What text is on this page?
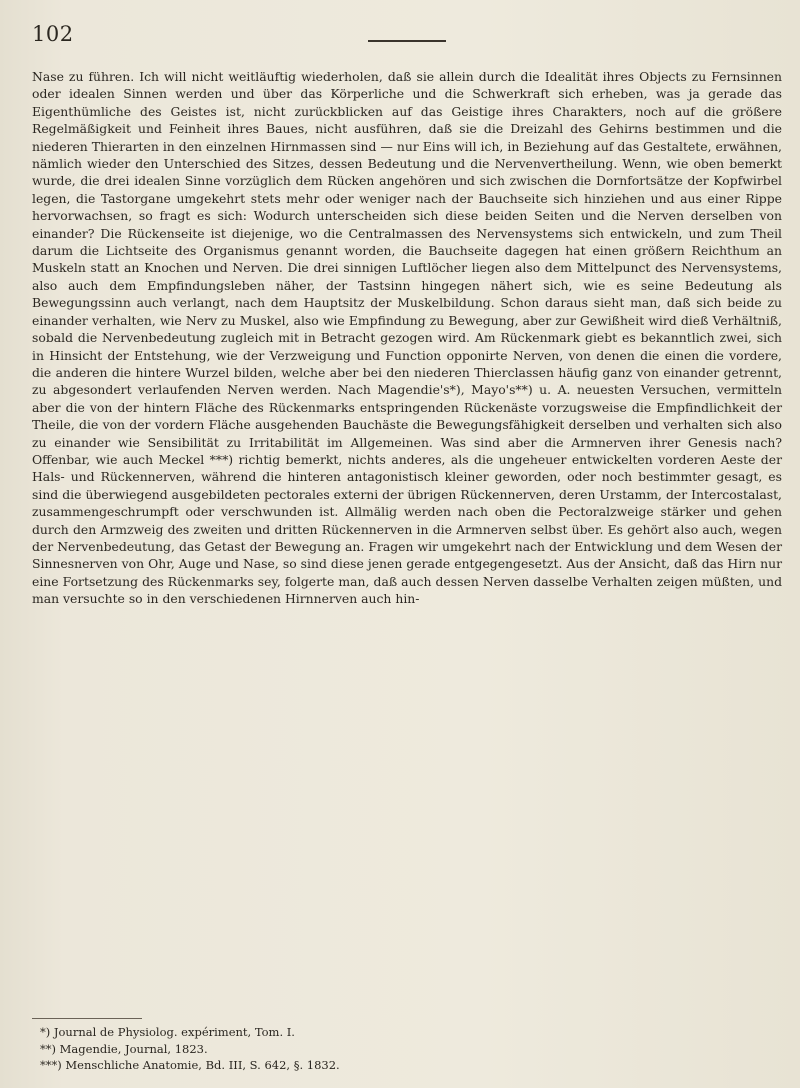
102

Nase zu führen. Ich will nicht weitläuftig wiederholen, daß sie allein durch die Idealität ihres Objects zu Fernsinnen oder idealen Sinnen werden und über das Körperliche und die Schwerkraft sich erheben, was ja gerade das Eigenthümliche des Geistes ist, nicht zurückblicken auf das Geistige ihres Charakters, noch auf die größere Regelmäßigkeit und Feinheit ihres Baues, nicht ausführen, daß sie die Dreizahl des Gehirns bestimmen und die niederen Thierarten in den einzelnen Hirnmassen sind — nur Eins will ich, in Beziehung auf das Gestaltete, erwähnen, nämlich wieder den Unterschied des Sitzes, dessen Bedeutung und die Nervenvertheilung. Wenn, wie oben bemerkt wurde, die drei idealen Sinne vorzüglich dem Rücken angehören und sich zwischen die Dornfortsätze der Kopfwirbel legen, die Tastorgane umgekehrt stets mehr oder weniger nach der Bauchseite sich hinziehen und aus einer Rippe hervorwachsen, so fragt es sich: Wodurch unterscheiden sich diese beiden Seiten und die Nerven derselben von einander? Die Rückenseite ist diejenige, wo die Centralmassen des Nervensystems sich entwickeln, und zum Theil darum die Lichtseite des Organismus genannt worden, die Bauchseite dagegen hat einen größern Reichthum an Muskeln statt an Knochen und Nerven. Die drei sinnigen Luftlöcher liegen also dem Mittelpunct des Nervensystems, also auch dem Empfindungsleben näher, der Tastsinn hingegen nähert sich, wie es seine Bedeutung als Bewegungssinn auch verlangt, nach dem Hauptsitz der Muskelbildung. Schon daraus sieht man, daß sich beide zu einander verhalten, wie Nerv zu Muskel, also wie Empfindung zu Bewegung, aber zur Gewißheit wird dieß Verhältniß, sobald die Nervenbedeutung zugleich mit in Betracht gezogen wird. Am Rückenmark giebt es bekanntlich zwei, sich in Hinsicht der Entstehung, wie der Verzweigung und Function opponirte Nerven, von denen die einen die vordere, die anderen die hintere Wurzel bilden, welche aber bei den niederen Thierclassen häufig ganz von einander getrennt, zu abgesondert verlaufenden Nerven werden. Nach Magendie's*), Mayo's**) u. A. neuesten Versuchen, vermitteln aber die von der hintern Fläche des Rückenmarks entspringenden Rückenäste vorzugsweise die Empfindlichkeit der Theile, die von der vordern Fläche ausgehenden Bauchäste die Bewegungsfähigkeit derselben und verhalten sich also zu einander wie Sensibilität zu Irritabilität im Allgemeinen. Was sind aber die Armnerven ihrer Genesis nach? Offenbar, wie auch Meckel ***) richtig bemerkt, nichts anderes, als die ungeheuer entwickelten vorderen Aeste der Hals- und Rückennerven, während die hinteren antagonistisch kleiner geworden, oder noch bestimmter gesagt, es sind die überwiegend ausgebildeten pectorales externi der übrigen Rückennerven, deren Urstamm, der Intercostalast, zusammengeschrumpft oder verschwunden ist. Allmälig werden nach oben die Pectoralzweige stärker und gehen durch den Armzweig des zweiten und dritten Rückennerven in die Armnerven selbst über. Es gehört also auch, wegen der Nervenbedeutung, das Getast der Bewegung an. Fragen wir umgekehrt nach der Entwicklung und dem Wesen der Sinnesnerven von Ohr, Auge und Nase, so sind diese jenen gerade entgegengesetzt. Aus der Ansicht, daß das Hirn nur eine Fortsetzung des Rückenmarks sey, folgerte man, daß auch dessen Nerven dasselbe Verhalten zeigen müßten, und man versuchte so in den verschiedenen Hirnnerven auch hin-

*) Journal de Physiolog. expériment, Tom. I.
**) Magendie, Journal, 1823.
***) Menschliche Anatomie, Bd. III, S. 642, §. 1832.
